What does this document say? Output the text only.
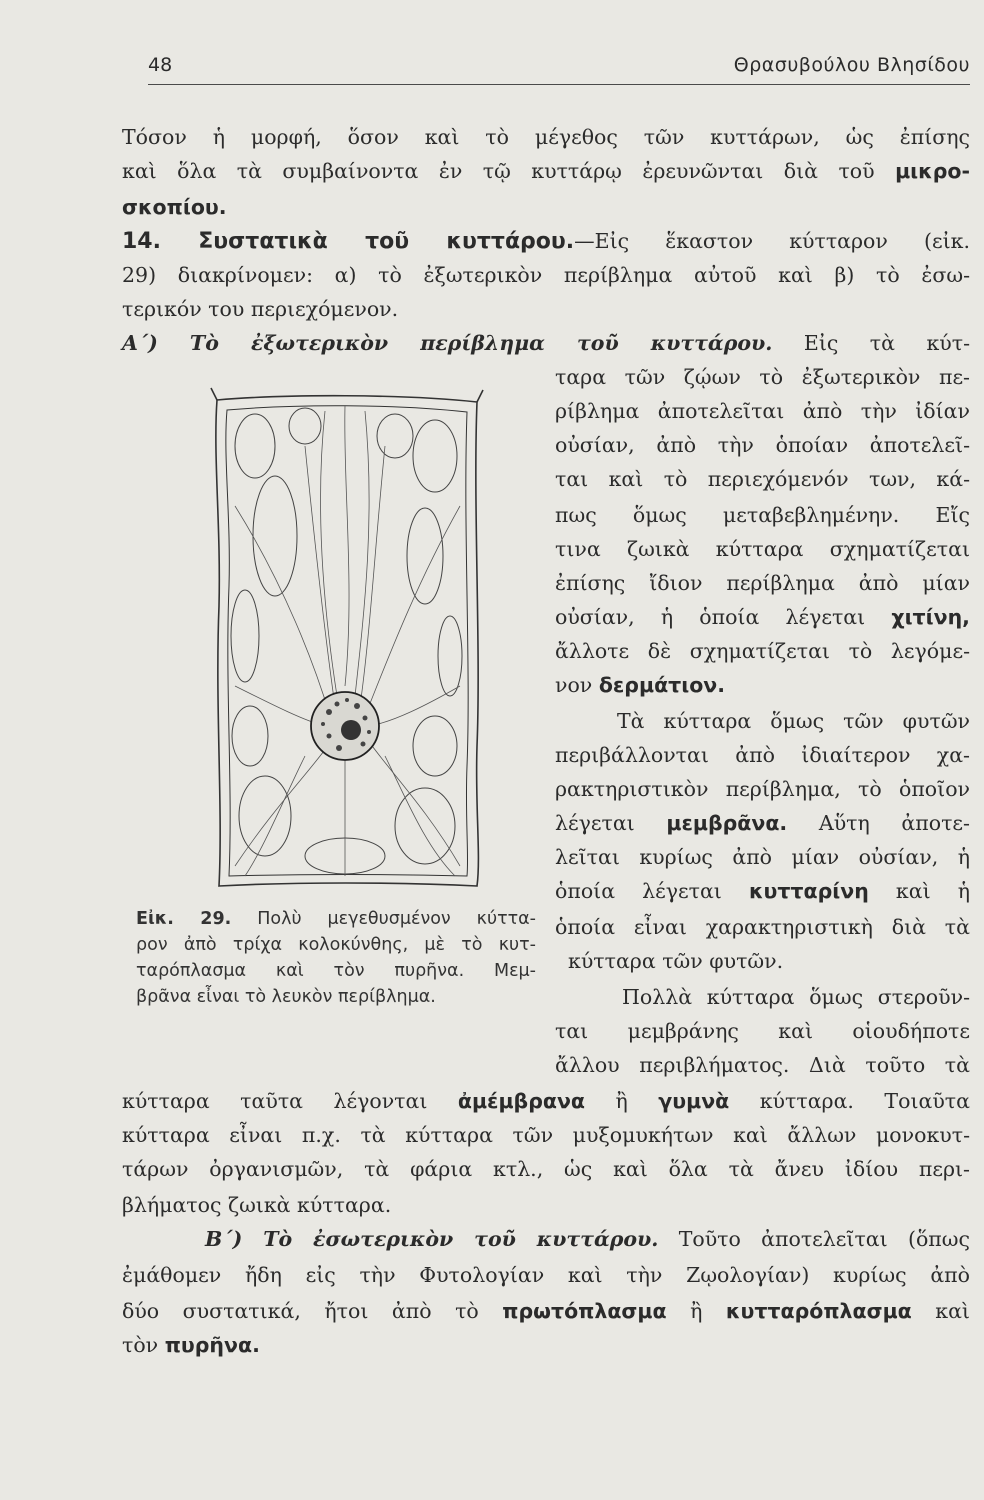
48	Θρασυβούλου Βλησίδου
Τόσον ἡ μορφή, ὅσον καὶ τὸ μέγεθος τῶν κυττάρων, ὡς ἐπίσης
καὶ ὅλα τὰ συμβαίνοντα ἐν τῷ κυττάρῳ ἐρευνῶνται διὰ τοῦ μικρο-
σκοπίου.
14. Συστατικὰ τοῦ κυττάρου.—Εἰς ἕκαστον κύτταρον (εἰκ.
29) διακρίνομεν: α) τὸ ἐξωτερικὸν περίβλημα αὐτοῦ καὶ β) τὸ ἐσω-
τερικόν του περιεχόμενον.
Α΄) Τὸ ἐξωτερικὸν περίβλημα τοῦ κυττάρου. Εἰς τὰ κύτ-
ταρα τῶν ζῴων τὸ ἐξωτερικὸν πε-
ρίβλημα ἀποτελεῖται ἀπὸ τὴν ἰδίαν
οὐσίαν, ἀπὸ τὴν ὁποίαν ἀποτελεῖ-
ται καὶ τὸ περιεχόμενόν των, κά-
πως ὅμως μεταβεβλημένην. Εἴς
τινα ζωικὰ κύτταρα σχηματίζεται
ἐπίσης ἴδιον περίβλημα ἀπὸ μίαν
οὐσίαν, ἡ ὁποία λέγεται χιτίνη,
ἄλλοτε δὲ σχηματίζεται τὸ λεγόμε-
νον δερμάτιον.
Τὰ κύτταρα ὅμως τῶν φυτῶν
περιβάλλονται ἀπὸ ἰδιαίτερον χα-
ρακτηριστικὸν περίβλημα, τὸ ὁποῖον
λέγεται μεμβρᾶνα. Αὕτη ἀποτε-
λεῖται κυρίως ἀπὸ μίαν οὐσίαν, ἡ
ὁποία λέγεται κυτταρίνη καὶ ἡ
ὁποία εἶναι χαρακτηριστικὴ διὰ τὰ
κύτταρα τῶν φυτῶν.
Πολλὰ κύτταρα ὅμως στεροῦν-
ται μεμβράνης καὶ οἱουδήποτε
ἄλλου περιβλήματος. Διὰ τοῦτο τὰ
κύτταρα ταῦτα λέγονται ἀμέμβρανα ἢ γυμνὰ κύτταρα. Τοιαῦτα
κύτταρα εἶναι π.χ. τὰ κύτταρα τῶν μυξομυκήτων καὶ ἄλλων μονοκυτ-
τάρων ὀργανισμῶν, τὰ φάρια κτλ., ὡς καὶ ὅλα τὰ ἄνευ ἰδίου περι-
βλήματος ζωικὰ κύτταρα.
Β΄) Τὸ ἐσωτερικὸν τοῦ κυττάρου. Τοῦτο ἀποτελεῖται (ὅπως
ἐμάθομεν ἤδη εἰς τὴν Φυτολογίαν καὶ τὴν Ζῳολογίαν) κυρίως ἀπὸ
δύο συστατικά, ἤτοι ἀπὸ τὸ πρωτόπλασμα ἢ κυτταρόπλασμα καὶ
τὸν πυρῆνα.
Εἰκ. 29. Πολὺ μεγεθυσμένον κύττα-
ρον ἀπὸ τρίχα κολοκύνθης, μὲ τὸ κυτ-
ταρόπλασμα καὶ τὸν πυρῆνα. Μεμ-
βρᾶνα εἶναι τὸ λευκὸν περίβλημα.
